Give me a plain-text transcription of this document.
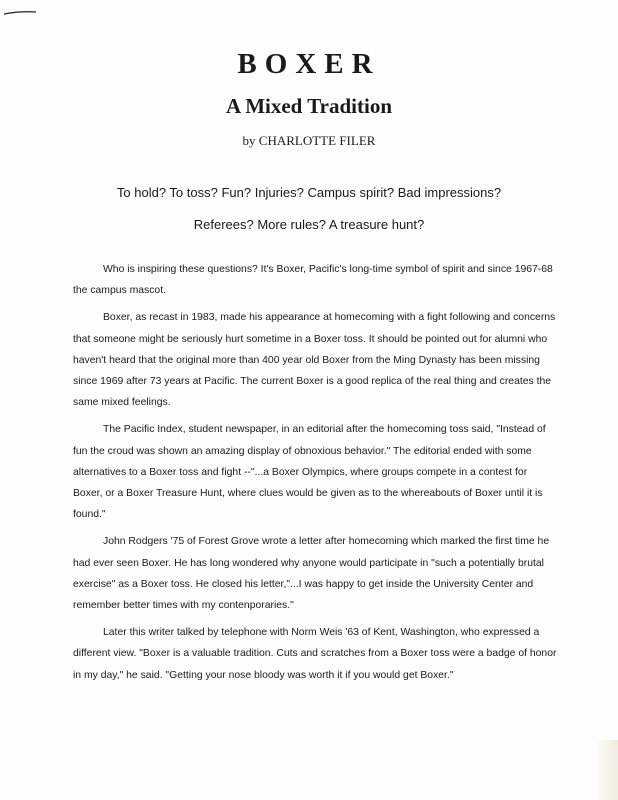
BOXER
A Mixed Tradition
by CHARLOTTE FILER
To hold? To toss? Fun? Injuries? Campus spirit? Bad impressions?
Referees? More rules? A treasure hunt?

Who is inspiring these questions? It's Boxer, Pacific's long-time symbol of spirit and since 1967-68 the campus mascot.

Boxer, as recast in 1983, made his appearance at homecoming with a fight following and concerns that someone might be seriously hurt sometime in a Boxer toss. It should be pointed out for alumni who haven't heard that the original more than 400 year old Boxer from the Ming Dynasty has been missing since 1969 after 73 years at Pacific. The current Boxer is a good replica of the real thing and creates the same mixed feelings.

The Pacific Index, student newspaper, in an editorial after the homecoming toss said, "Instead of fun the croud was shown an amazing display of obnoxious behavior." The editorial ended with some alternatives to a Boxer toss and fight --"...a Boxer Olympics, where groups compete in a contest for Boxer, or a Boxer Treasure Hunt, where clues would be given as to the whereabouts of Boxer until it is found."

John Rodgers '75 of Forest Grove wrote a letter after homecoming which marked the first time he had ever seen Boxer. He has long wondered why anyone would participate in "such a potentially brutal exercise" as a Boxer toss. He closed his letter,"...I was happy to get inside the University Center and remember better times with my contenporaries."

Later this writer talked by telephone with Norm Weis '63 of Kent, Washington, who expressed a different view. "Boxer is a valuable tradition. Cuts and scratches from a Boxer toss were a badge of honor in my day," he said. "Getting your nose bloody was worth it if you would get Boxer."
